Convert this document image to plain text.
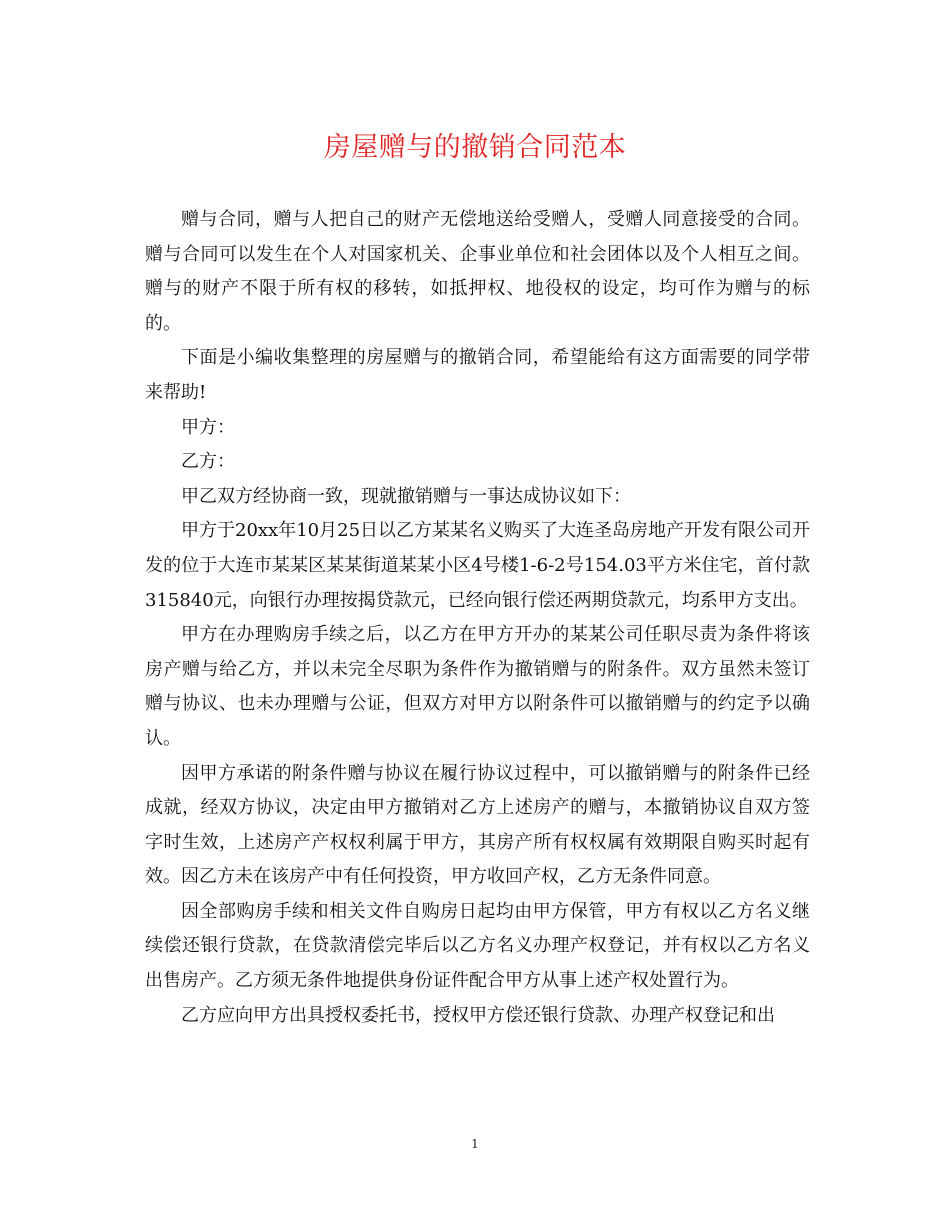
房屋赠与的撤销合同范本

赠与合同，赠与人把自己的财产无偿地送给受赠人，受赠人同意接受的合同。赠与合同可以发生在个人对国家机关、企事业单位和社会团体以及个人相互之间。赠与的财产不限于所有权的移转，如抵押权、地役权的设定，均可作为赠与的标的。

下面是小编收集整理的房屋赠与的撤销合同，希望能给有这方面需要的同学带来帮助!

甲方：

乙方：

甲乙双方经协商一致，现就撤销赠与一事达成协议如下：

甲方于20xx年10月25日以乙方某某名义购买了大连圣岛房地产开发有限公司开发的位于大连市某某区某某街道某某小区4号楼1-6-2号154.03平方米住宅，首付款315840元，向银行办理按揭贷款元，已经向银行偿还两期贷款元，均系甲方支出。

甲方在办理购房手续之后，以乙方在甲方开办的某某公司任职尽责为条件将该房产赠与给乙方，并以未完全尽职为条件作为撤销赠与的附条件。双方虽然未签订赠与协议、也未办理赠与公证，但双方对甲方以附条件可以撤销赠与的约定予以确认。

因甲方承诺的附条件赠与协议在履行协议过程中，可以撤销赠与的附条件已经成就，经双方协议，决定由甲方撤销对乙方上述房产的赠与，本撤销协议自双方签字时生效，上述房产产权权利属于甲方，其房产所有权权属有效期限自购买时起有效。因乙方未在该房产中有任何投资，甲方收回产权，乙方无条件同意。

因全部购房手续和相关文件自购房日起均由甲方保管，甲方有权以乙方名义继续偿还银行贷款，在贷款清偿完毕后以乙方名义办理产权登记，并有权以乙方名义出售房产。乙方须无条件地提供身份证件配合甲方从事上述产权处置行为。

乙方应向甲方出具授权委托书，授权甲方偿还银行贷款、办理产权登记和出

1
